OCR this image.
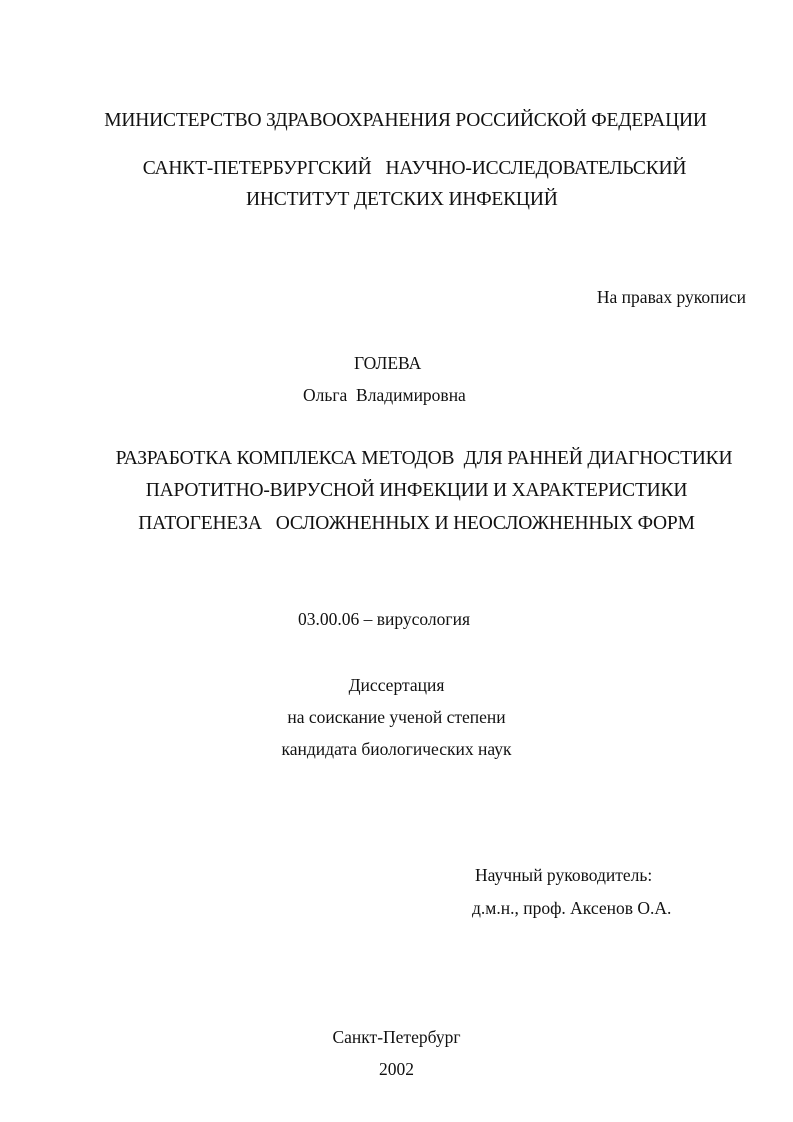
МИНИСТЕРСТВО ЗДРАВООХРАНЕНИЯ РОССИЙСКОЙ ФЕДЕРАЦИИ
САНКТ-ПЕТЕРБУРГСКИЙ   НАУЧНО-ИССЛЕДОВАТЕЛЬСКИЙ
ИНСТИТУТ ДЕТСКИХ ИНФЕКЦИЙ
На правах рукописи
ГОЛЕВА
Ольга  Владимировна
РАЗРАБОТКА КОМПЛЕКСА МЕТОДОВ  ДЛЯ РАННЕЙ ДИАГНОСТИКИ
ПАРОТИТНО-ВИРУСНОЙ ИНФЕКЦИИ И ХАРАКТЕРИСТИКИ
ПАТОГЕНЕЗА   ОСЛОЖНЕННЫХ И НЕОСЛОЖНЕННЫХ ФОРМ
03.00.06 – вирусология
Диссертация
на соискание ученой степени
кандидата биологических наук
Научный руководитель:
д.м.н., проф. Аксенов О.А.
Санкт-Петербург
2002
